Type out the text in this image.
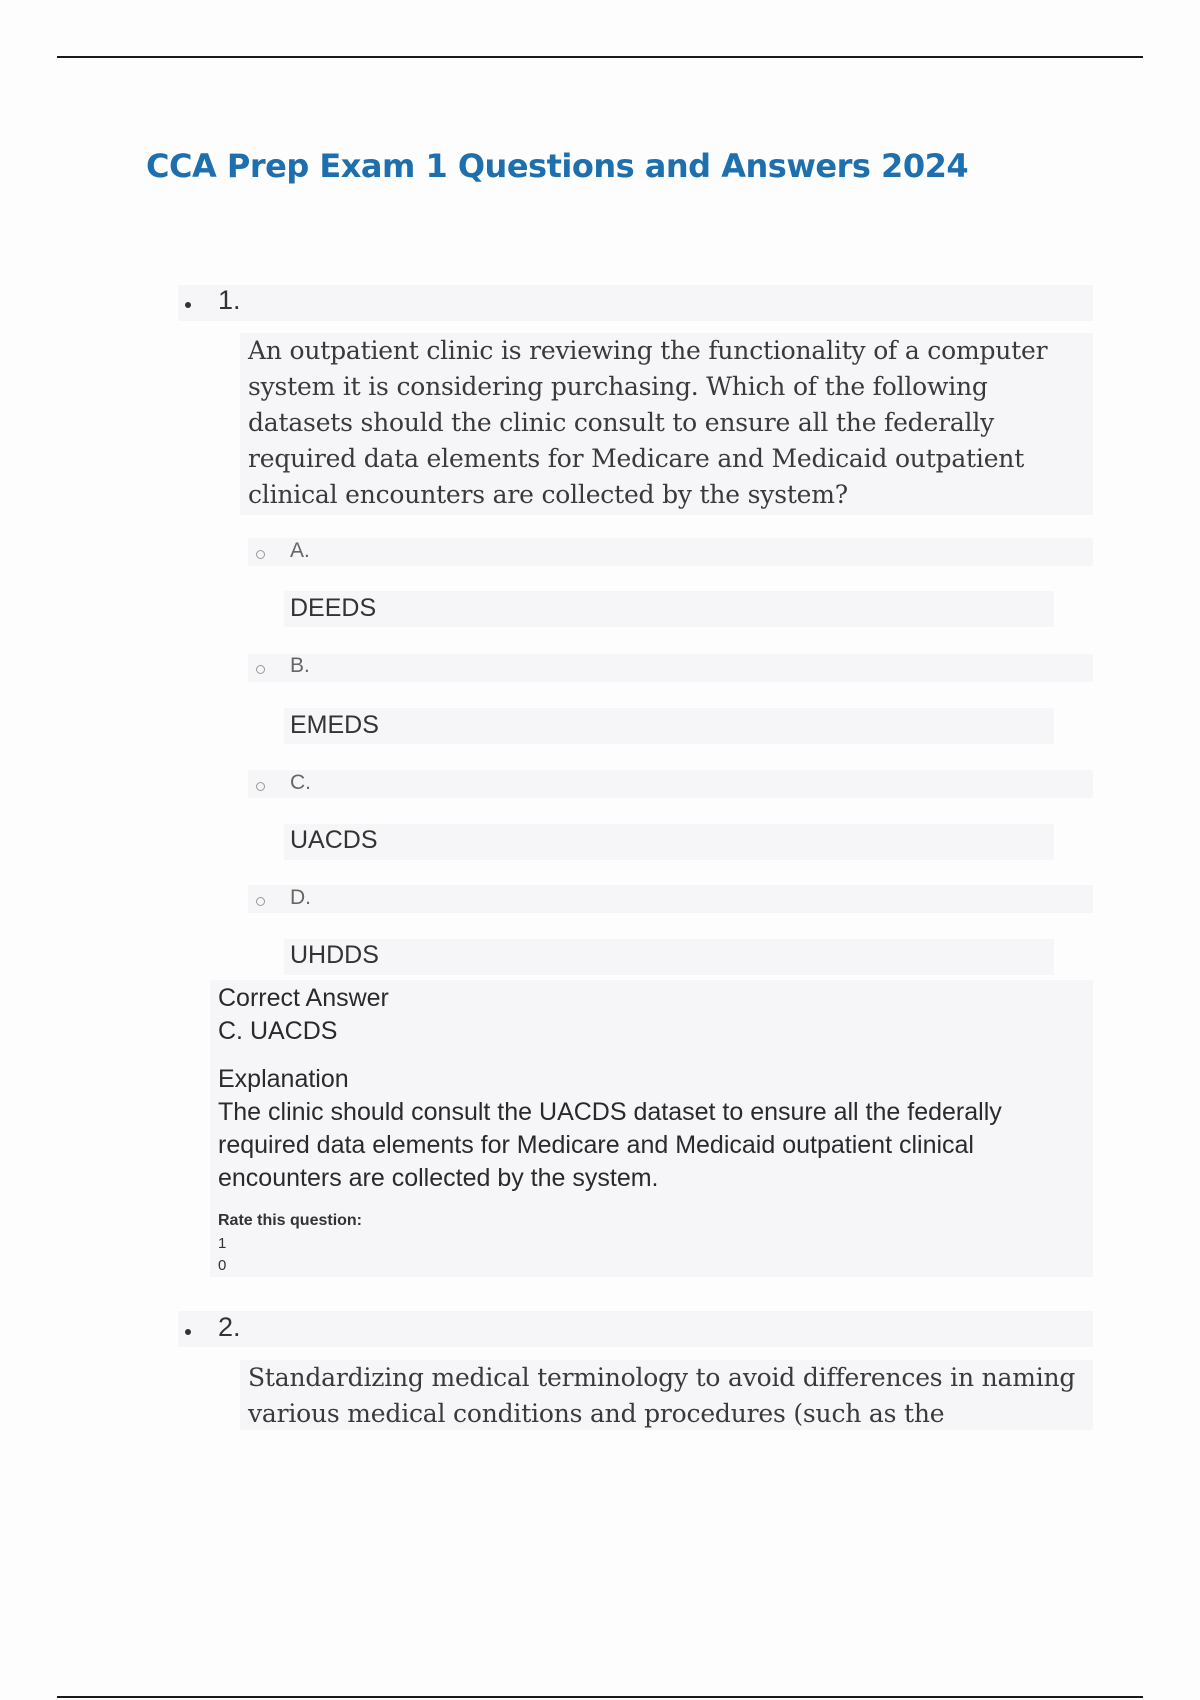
CCA Prep Exam 1 Questions and Answers 2024
1.

An outpatient clinic is reviewing the functionality of a computer system it is considering purchasing. Which of the following datasets should the clinic consult to ensure all the federally required data elements for Medicare and Medicaid outpatient clinical encounters are collected by the system?

A.
DEEDS
B.
EMEDS
C.
UACDS
D.
UHDDS
Correct Answer
C. UACDS
Explanation

The clinic should consult the UACDS dataset to ensure all the federally required data elements for Medicare and Medicaid outpatient clinical encounters are collected by the system.

Rate this question:
1
0
2.

Standardizing medical terminology to avoid differences in naming various medical conditions and procedures (such as the
